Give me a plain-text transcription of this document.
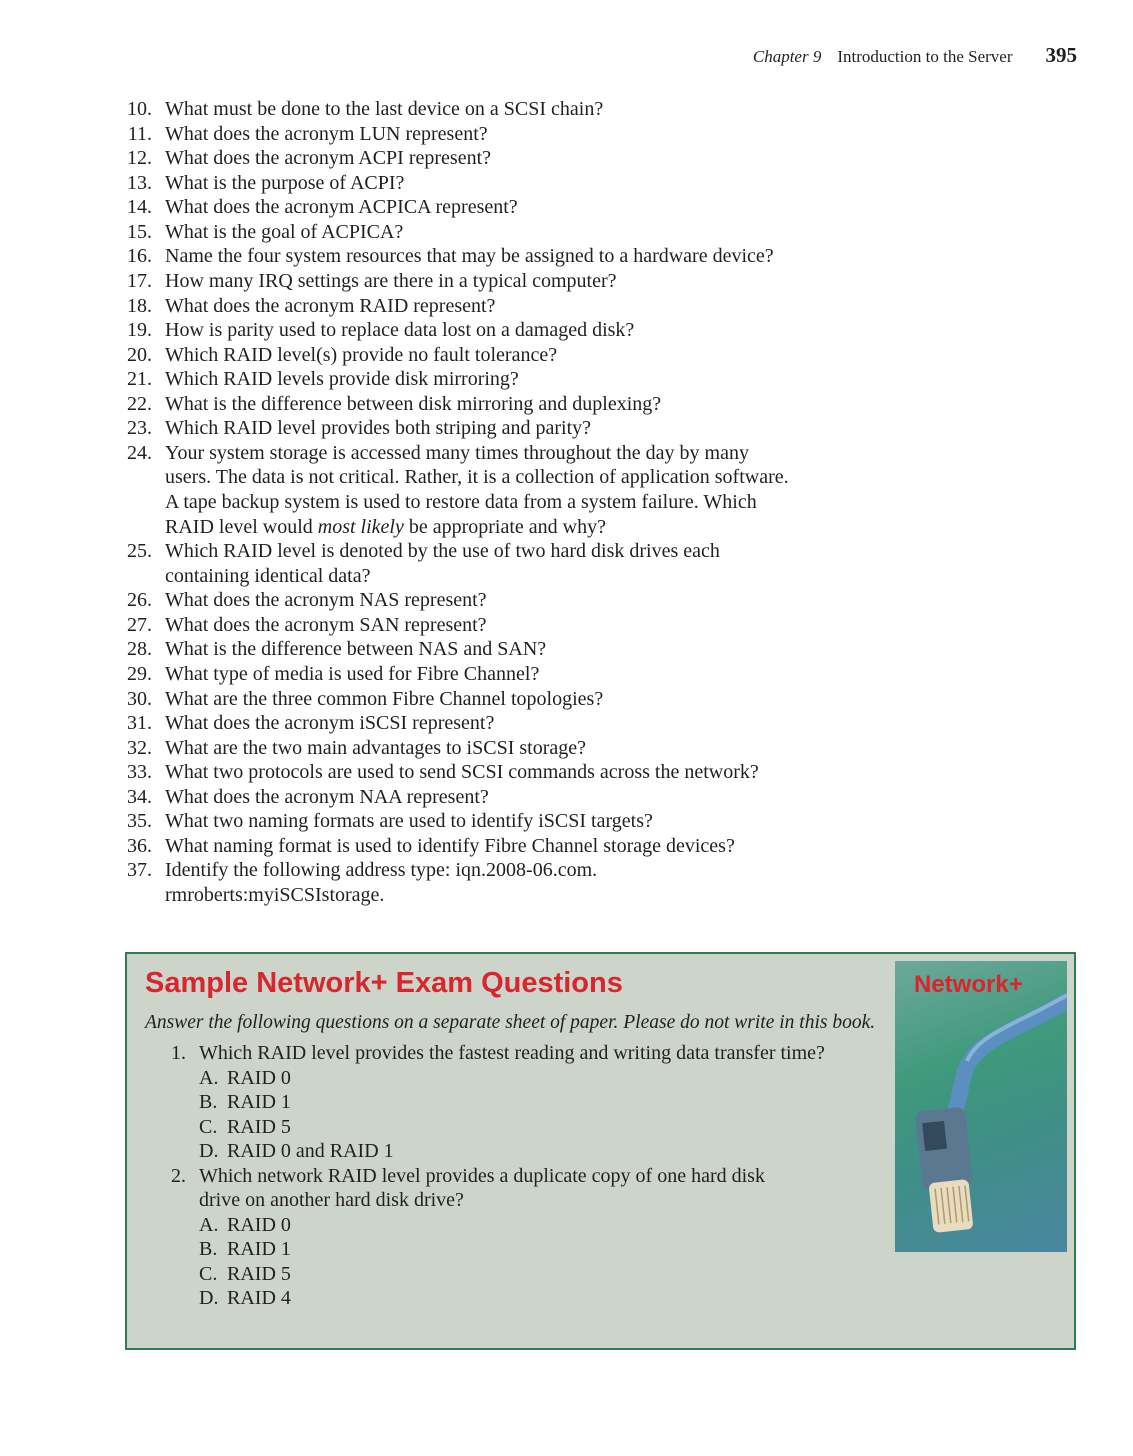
Chapter 9 Introduction to the Server 395
10. What must be done to the last device on a SCSI chain?
11. What does the acronym LUN represent?
12. What does the acronym ACPI represent?
13. What is the purpose of ACPI?
14. What does the acronym ACPICA represent?
15. What is the goal of ACPICA?
16. Name the four system resources that may be assigned to a hardware device?
17. How many IRQ settings are there in a typical computer?
18. What does the acronym RAID represent?
19. How is parity used to replace data lost on a damaged disk?
20. Which RAID level(s) provide no fault tolerance?
21. Which RAID levels provide disk mirroring?
22. What is the difference between disk mirroring and duplexing?
23. Which RAID level provides both striping and parity?
24. Your system storage is accessed many times throughout the day by many
users. The data is not critical. Rather, it is a collection of application software.
A tape backup system is used to restore data from a system failure. Which
RAID level would most likely be appropriate and why?
25. Which RAID level is denoted by the use of two hard disk drives each
containing identical data?
26. What does the acronym NAS represent?
27. What does the acronym SAN represent?
28. What is the difference between NAS and SAN?
29. What type of media is used for Fibre Channel?
30. What are the three common Fibre Channel topologies?
31. What does the acronym iSCSI represent?
32. What are the two main advantages to iSCSI storage?
33. What two protocols are used to send SCSI commands across the network?
34. What does the acronym NAA represent?
35. What two naming formats are used to identify iSCSI targets?
36. What naming format is used to identify Fibre Channel storage devices?
37. Identify the following address type: iqn.2008-06.com.
rmroberts:myiSCSIstorage.
Sample Network+ Exam Questions
Answer the following questions on a separate sheet of paper. Please do not write in this book.
1. Which RAID level provides the fastest reading and writing data transfer time?
A. RAID 0
B. RAID 1
C. RAID 5
D. RAID 0 and RAID 1
2. Which network RAID level provides a duplicate copy of one hard disk
drive on another hard disk drive?
A. RAID 0
B. RAID 1
C. RAID 5
D. RAID 4
Network+
